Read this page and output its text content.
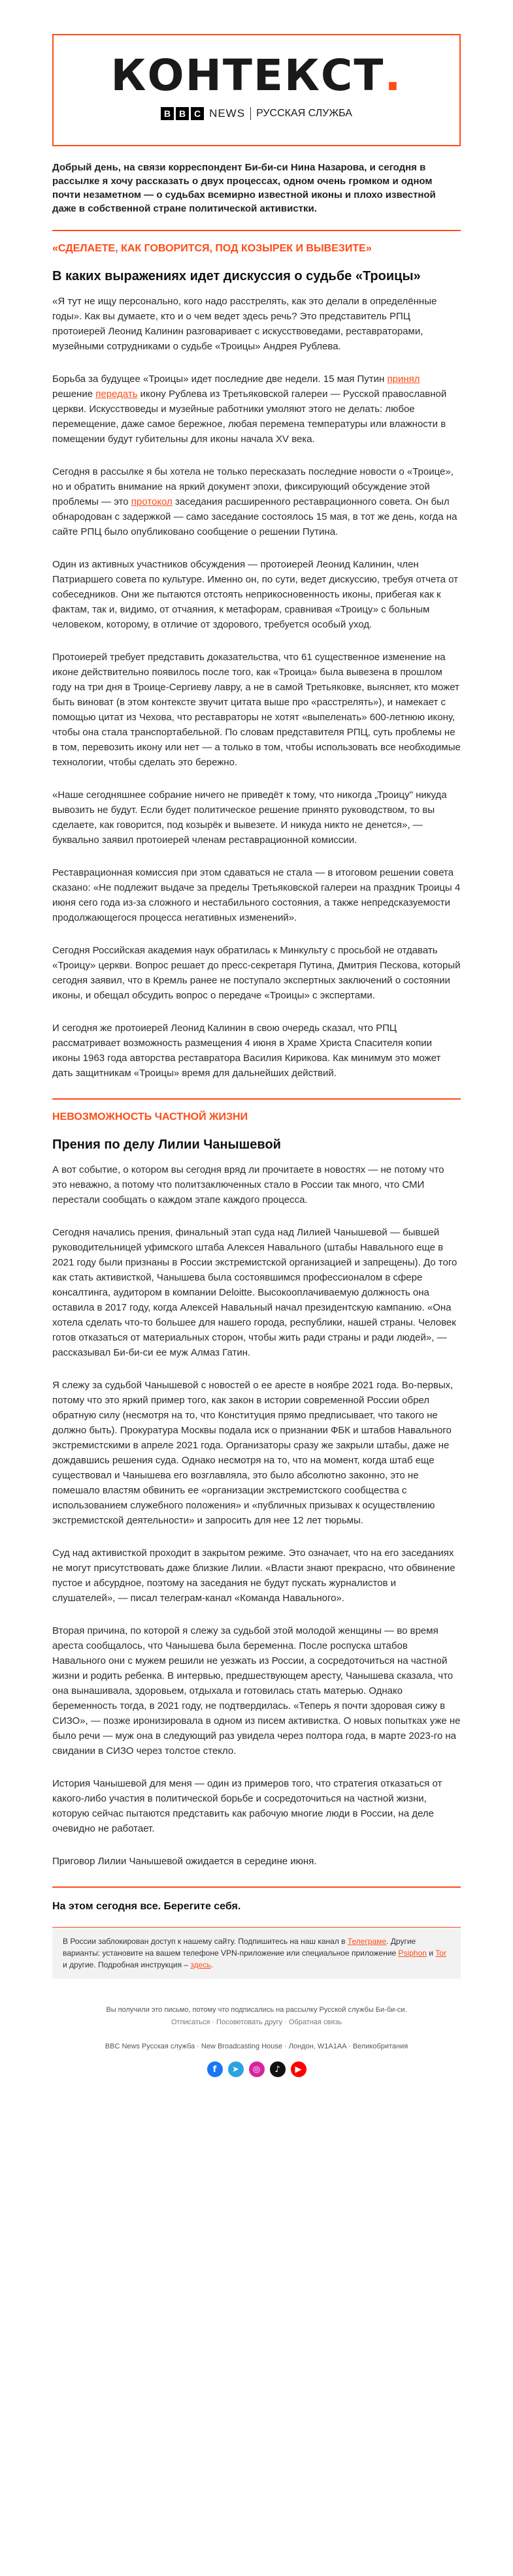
КОНТЕКСТ.
B B C NEWS РУССКАЯ СЛУЖБА
Добрый день, на связи корреспондент Би-би-си Нина Назарова, и сегодня в рассылке я хочу рассказать о двух процессах, одном очень громком и одном почти незаметном — о судьбах всемирно известной иконы и плохо известной даже в собственной стране политической активистки.
«СДЕЛАЕТЕ, КАК ГОВОРИТСЯ, ПОД КОЗЫРЕК И ВЫВЕЗИТЕ»
В каких выражениях идет дискуссия о судьбе «Троицы»

«Я тут не ищу персонально, кого надо расстрелять, как это делали в определённые годы». Как вы думаете, кто и о чем ведет здесь речь? Это представитель РПЦ протоиерей Леонид Калинин разговаривает с искусствоведами, реставраторами, музейными сотрудниками о судьбе «Троицы» Андрея Рублева.

Борьба за будущее «Троицы» идет последние две недели. 15 мая Путин принял решение передать икону Рублева из Третьяковской галереи — Русской православной церкви. Искусствоведы и музейные работники умоляют этого не делать: любое перемещение, даже самое бережное, любая перемена температуры или влажности в помещении будут губительны для иконы начала XV века.

Сегодня в рассылке я бы хотела не только пересказать последние новости о «Троице», но и обратить внимание на яркий документ эпохи, фиксирующий обсуждение этой проблемы — это протокол заседания расширенного реставрационного совета. Он был обнародован с задержкой — само заседание состоялось 15 мая, в тот же день, когда на сайте РПЦ было опубликовано сообщение о решении Путина.

Один из активных участников обсуждения — протоиерей Леонид Калинин, член Патриаршего совета по культуре. Именно он, по сути, ведет дискуссию, требуя отчета от собеседников. Они же пытаются отстоять неприкосновенность иконы, прибегая как к фактам, так и, видимо, от отчаяния, к метафорам, сравнивая «Троицу» с больным человеком, которому, в отличие от здорового, требуется особый уход.

Протоиерей требует представить доказательства, что 61 существенное изменение на иконе действительно появилось после того, как «Троица» была вывезена в прошлом году на три дня в Троице-Сергиеву лавру, а не в самой Третьяковке, выясняет, кто может быть виноват (в этом контексте звучит цитата выше про «расстрелять»), и намекает с помощью цитат из Чехова, что реставраторы не хотят «выпеленать» 600-летнюю икону, чтобы она стала транспортабельной. По словам представителя РПЦ, суть проблемы не в том, перевозить икону или нет — а только в том, чтобы использовать все необходимые технологии, чтобы сделать это бережно.

«Наше сегодняшнее собрание ничего не приведёт к тому, что никогда „Троицу" никуда вывозить не будут. Если будет политическое решение принято руководством, то вы сделаете, как говорится, под козырёк и вывезете. И никуда никто не денется», — буквально заявил протоиерей членам реставрационной комиссии.

Реставрационная комиссия при этом сдаваться не стала — в итоговом решении совета сказано: «Не подлежит выдаче за пределы Третьяковской галереи на праздник Троицы 4 июня сего года из-за сложного и нестабильного состояния, а также непредсказуемости продолжающегося процесса негативных изменений».

Сегодня Российская академия наук обратилась к Минкульту с просьбой не отдавать «Троицу» церкви. Вопрос решает до пресс-секретаря Путина, Дмитрия Пескова, который сегодня заявил, что в Кремль ранее не поступало экспертных заключений о состоянии иконы, и обещал обсудить вопрос о передаче «Троицы» с экспертами.

И сегодня же протоиерей Леонид Калинин в свою очередь сказал, что РПЦ рассматривает возможность размещения 4 июня в Храме Христа Спасителя копии иконы 1963 года авторства реставратора Василия Кирикова. Как минимум это может дать защитникам «Троицы» время для дальнейших действий.

НЕВОЗМОЖНОСТЬ ЧАСТНОЙ ЖИЗНИ
Прения по делу Лилии Чанышевой

А вот событие, о котором вы сегодня вряд ли прочитаете в новостях — не потому что это неважно, а потому что политзаключенных стало в России так много, что СМИ перестали сообщать о каждом этапе каждого процесса.

Сегодня начались прения, финальный этап суда над Лилией Чанышевой — бывшей руководительницей уфимского штаба Алексея Навального (штабы Навального еще в 2021 году были признаны в России экстремистской организацией и запрещены). До того как стать активисткой, Чанышева была состоявшимся профессионалом в сфере консалтинга, аудитором в компании Deloitte. Высокооплачиваемую должность она оставила в 2017 году, когда Алексей Навальный начал президентскую кампанию. «Она хотела сделать что-то большее для нашего города, республики, нашей страны. Человек готов отказаться от материальных сторон, чтобы жить ради страны и ради людей», — рассказывал Би-би-си ее муж Алмаз Гатин.

Я слежу за судьбой Чанышевой с новостей о ее аресте в ноябре 2021 года. Во-первых, потому что это яркий пример того, как закон в истории современной России обрел обратную силу (несмотря на то, что Конституция прямо предписывает, что такого не должно быть). Прокуратура Москвы подала иск о признании ФБК и штабов Навального экстремистскими в апреле 2021 года. Организаторы сразу же закрыли штабы, даже не дождавшись решения суда. Однако несмотря на то, что на момент, когда штаб еще существовал и Чанышева его возглавляла, это было абсолютно законно, это не помешало властям обвинить ее «организации экстремистского сообщества с использованием служебного положения» и «публичных призывах к осуществлению экстремистской деятельности» и запросить для нее 12 лет тюрьмы.

Суд над активисткой проходит в закрытом режиме. Это означает, что на его заседаниях не могут присутствовать даже близкие Лилии. «Власти знают прекрасно, что обвинение пустое и абсурдное, поэтому на заседания не будут пускать журналистов и слушателей», — писал телеграм-канал «Команда Навального».

Вторая причина, по которой я слежу за судьбой этой молодой женщины — во время ареста сообщалось, что Чанышева была беременна. После роспуска штабов Навального они с мужем решили не уезжать из России, а сосредоточиться на частной жизни и родить ребенка. В интервью, предшествующем аресту, Чанышева сказала, что она вынашивала, здоровьем, отдыхала и готовилась стать матерью. Однако беременность тогда, в 2021 году, не подтвердилась. «Теперь я почти здоровая сижу в СИЗО», — позже иронизировала в одном из писем активистка. О новых попытках уже не было речи — муж она в следующий раз увидела через полтора года, в марте 2023-го на свидании в СИЗО через толстое стекло.

История Чанышевой для меня — один из примеров того, что стратегия отказаться от какого-либо участия в политической борьбе и сосредоточиться на частной жизни, которую сейчас пытаются представить как рабочую многие люди в России, на деле очевидно не работает.

Приговор Лилии Чанышевой ожидается в середине июня.

На этом сегодня все. Берегите себя.
В России заблокирован доступ к нашему сайту. Подпишитесь на наш канал в Телеграме. Другие варианты: установите на вашем телефоне VPN-приложение или специальное приложение Psiphon и Tor и другие. Подробная инструкция – здесь.
Вы получили это письмо, потому что подписались на рассылку Русской службы Би-би-си.
Отписаться · Посоветовать другу · Обратная связь
BBC News Русская служба · New Broadcasting House · Лондон, W1A1AA · Великобритания
f	➤	◎	♪	▶
